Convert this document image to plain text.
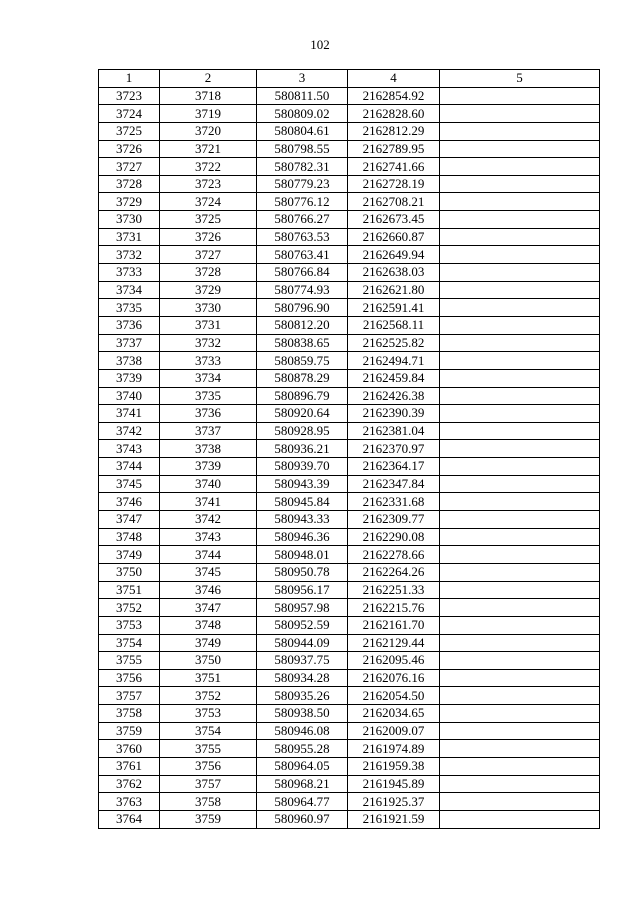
102
1	2	3	4	5
3723	3718	580811.50	2162854.92	
3724	3719	580809.02	2162828.60	
3725	3720	580804.61	2162812.29	
3726	3721	580798.55	2162789.95	
3727	3722	580782.31	2162741.66	
3728	3723	580779.23	2162728.19	
3729	3724	580776.12	2162708.21	
3730	3725	580766.27	2162673.45	
3731	3726	580763.53	2162660.87	
3732	3727	580763.41	2162649.94	
3733	3728	580766.84	2162638.03	
3734	3729	580774.93	2162621.80	
3735	3730	580796.90	2162591.41	
3736	3731	580812.20	2162568.11	
3737	3732	580838.65	2162525.82	
3738	3733	580859.75	2162494.71	
3739	3734	580878.29	2162459.84	
3740	3735	580896.79	2162426.38	
3741	3736	580920.64	2162390.39	
3742	3737	580928.95	2162381.04	
3743	3738	580936.21	2162370.97	
3744	3739	580939.70	2162364.17	
3745	3740	580943.39	2162347.84	
3746	3741	580945.84	2162331.68	
3747	3742	580943.33	2162309.77	
3748	3743	580946.36	2162290.08	
3749	3744	580948.01	2162278.66	
3750	3745	580950.78	2162264.26	
3751	3746	580956.17	2162251.33	
3752	3747	580957.98	2162215.76	
3753	3748	580952.59	2162161.70	
3754	3749	580944.09	2162129.44	
3755	3750	580937.75	2162095.46	
3756	3751	580934.28	2162076.16	
3757	3752	580935.26	2162054.50	
3758	3753	580938.50	2162034.65	
3759	3754	580946.08	2162009.07	
3760	3755	580955.28	2161974.89	
3761	3756	580964.05	2161959.38	
3762	3757	580968.21	2161945.89	
3763	3758	580964.77	2161925.37	
3764	3759	580960.97	2161921.59	
